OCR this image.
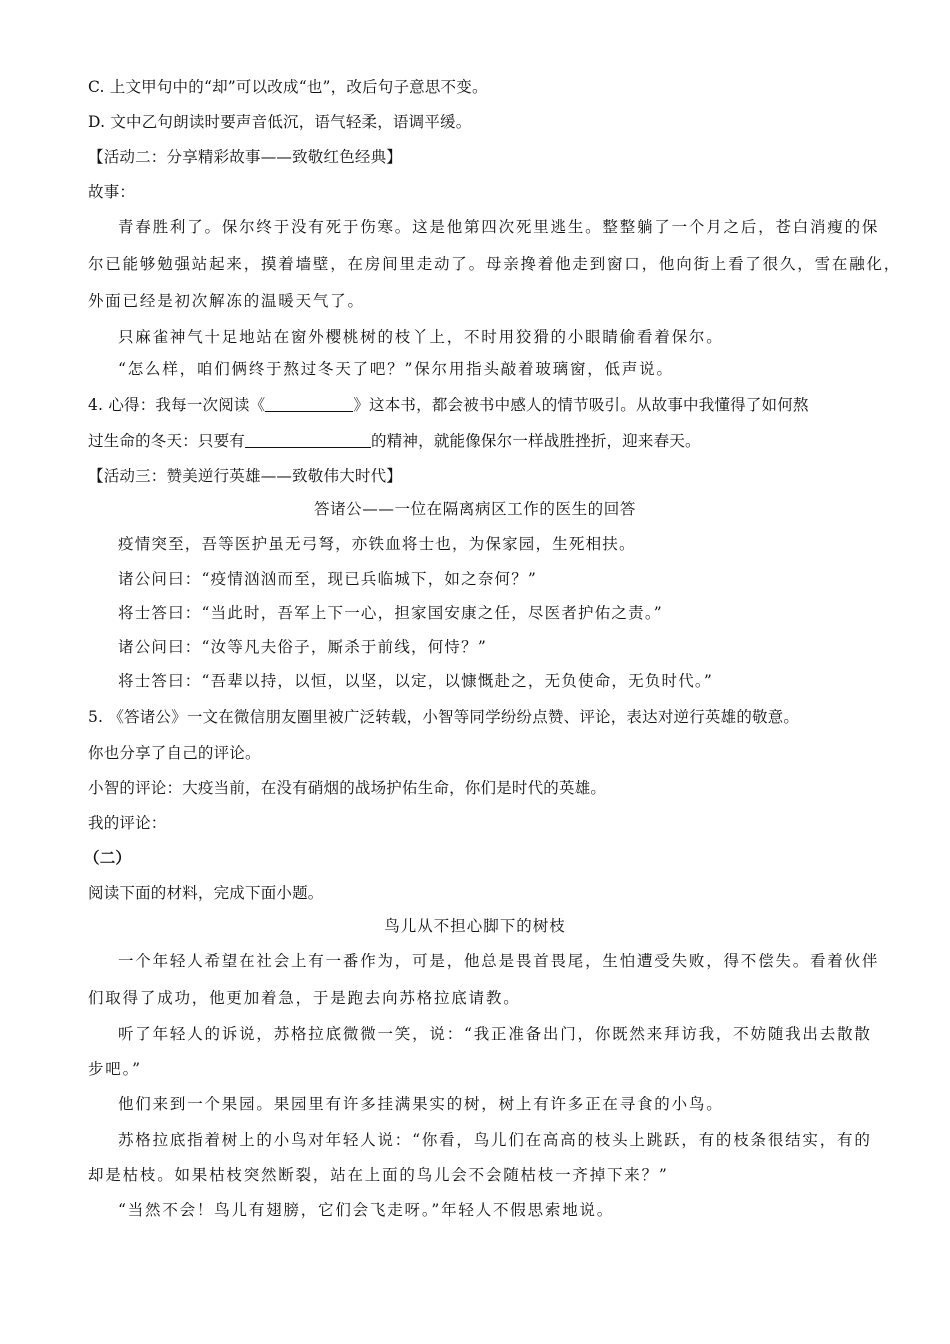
C. 上文甲句中的“却”可以改成“也”，改后句子意思不变。
D. 文中乙句朗读时要声音低沉，语气轻柔，语调平缓。
【活动二：分享精彩故事——致敬红色经典】
故事：
青春胜利了。保尔终于没有死于伤寒。这是他第四次死里逃生。整整躺了一个月之后，苍白消瘦的保
尔已能够勉强站起来，摸着墙壁，在房间里走动了。母亲搀着他走到窗口，他向街上看了很久，雪在融化，
外面已经是初次解冻的温暖天气了。
只麻雀神气十足地站在窗外樱桃树的枝丫上，不时用狡猾的小眼睛偷看着保尔。
“怎么样，咱们俩终于熬过冬天了吧？”保尔用指头敲着玻璃窗，低声说。
4. 心得：我每一次阅读《	》这本书，都会被书中感人的情节吸引。从故事中我懂得了如何熬
过生命的冬天：只要有	的精神，就能像保尔一样战胜挫折，迎来春天。
【活动三：赞美逆行英雄——致敬伟大时代】
答诸公——一位在隔离病区工作的医生的回答
疫情突至，吾等医护虽无弓弩，亦铁血将士也，为保家园，生死相扶。
诸公问曰：“疫情汹汹而至，现已兵临城下，如之奈何？”
将士答曰：“当此时，吾军上下一心，担家国安康之任，尽医者护佑之责。”
诸公问曰：“汝等凡夫俗子，厮杀于前线，何恃？”
将士答曰：“吾辈以持，以恒，以坚，以定，以慷慨赴之，无负使命，无负时代。”
5. 《答诸公》一文在微信朋友圈里被广泛转载，小智等同学纷纷点赞、评论，表达对逆行英雄的敬意。
你也分享了自己的评论。
小智的评论：大疫当前，在没有硝烟的战场护佑生命，你们是时代的英雄。
我的评论：
（二）
阅读下面的材料，完成下面小题。
鸟儿从不担心脚下的树枝
一个年轻人希望在社会上有一番作为，可是，他总是畏首畏尾，生怕遭受失败，得不偿失。看着伙伴
们取得了成功，他更加着急，于是跑去向苏格拉底请教。
听了年轻人的诉说，苏格拉底微微一笑，说：“我正准备出门，你既然来拜访我，不妨随我出去散散
步吧。”
他们来到一个果园。果园里有许多挂满果实的树，树上有许多正在寻食的小鸟。
苏格拉底指着树上的小鸟对年轻人说：“你看，鸟儿们在高高的枝头上跳跃，有的枝条很结实，有的
却是枯枝。如果枯枝突然断裂，站在上面的鸟儿会不会随枯枝一齐掉下来？”
“当然不会！鸟儿有翅膀，它们会飞走呀。”年轻人不假思索地说。
